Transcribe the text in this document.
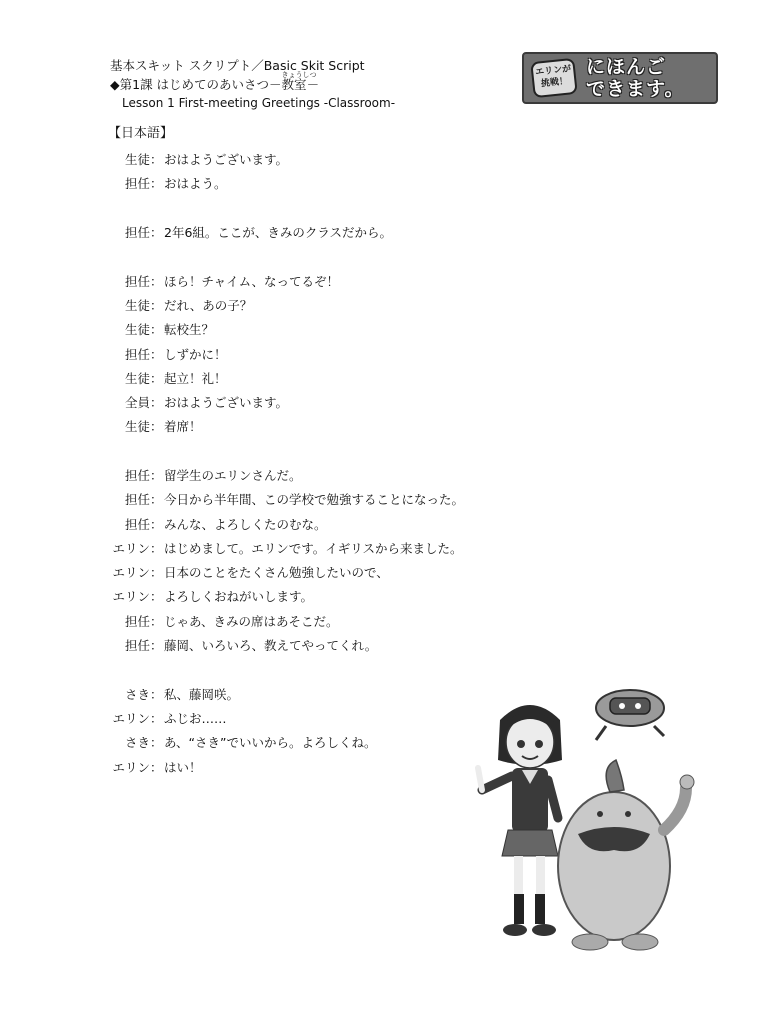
基本スキット スクリプト／Basic Skit Script
◆第1課 はじめてのあいさつ－
きょうしつ
教室－
Lesson 1 First-meeting Greetings -Classroom-
エリンが挑戦！
にほんご
できます。
【日本語】
生徒 ： おはようございます。
担任 ： おはよう。
担任 ： 2年6組。ここが、きみのクラスだから。
担任 ： ほら！チャイム、なってるぞ！
生徒 ： だれ、あの子？
生徒 ： 転校生？
担任 ： しずかに！
生徒 ： 起立！礼！
全員 ： おはようございます。
生徒 ： 着席！
担任 ： 留学生のエリンさんだ。
担任 ： 今日から半年間、この学校で勉強することになった。
担任 ： みんな、よろしくたのむな。
エリン ： はじめまして。エリンです。イギリスから来ました。
エリン ： 日本のことをたくさん勉強したいので、
エリン ： よろしくおねがいします。
担任 ： じゃあ、きみの席はあそこだ。
担任 ： 藤岡、いろいろ、教えてやってくれ。
さき ： 私、藤岡咲。
エリン ： ふじお……
さき ： あ、“さき”でいいから。よろしくね。
エリン ： はい！
